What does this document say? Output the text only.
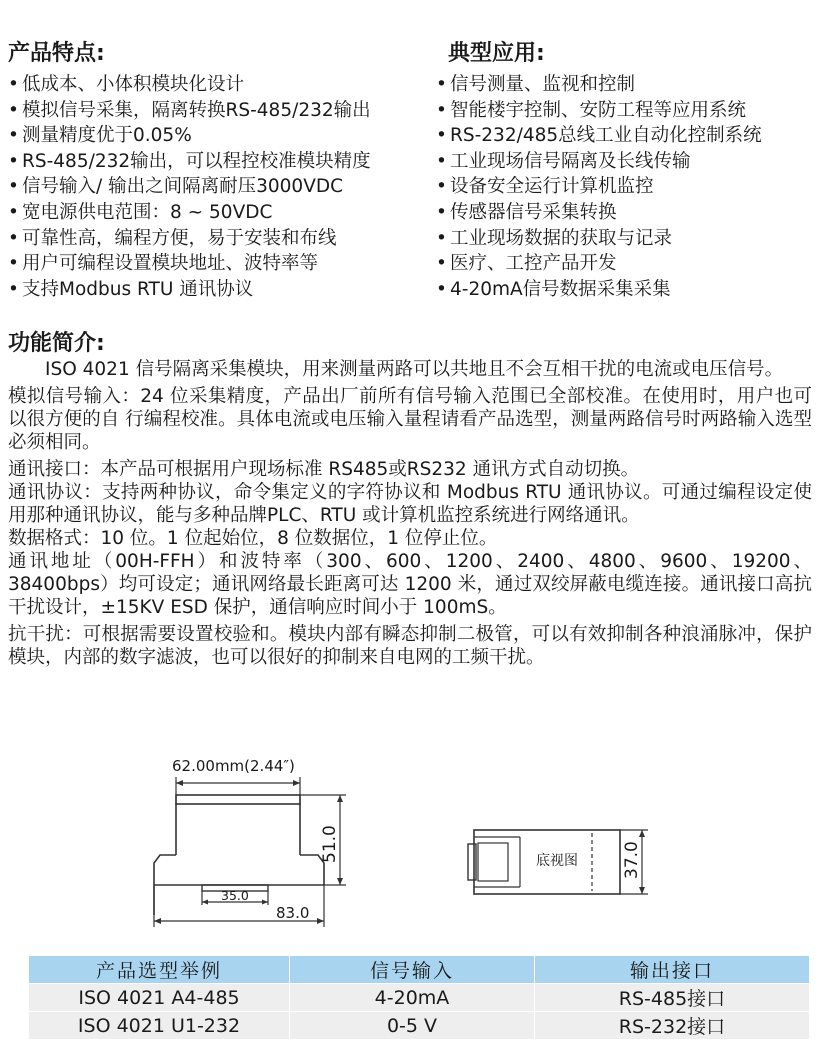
产品特点:
• 低成本、小体积模块化设计
• 模拟信号采集，隔离转换RS-485/232输出
• 测量精度优于0.05%
• RS-485/232输出，可以程控校准模块精度
• 信号输入/ 输出之间隔离耐压3000VDC
• 宽电源供电范围：8 ~ 50VDC
• 可靠性高，编程方便，易于安装和布线
• 用户可编程设置模块地址、波特率等
• 支持Modbus RTU 通讯协议
典型应用:
• 信号测量、监视和控制
• 智能楼宇控制、安防工程等应用系统
• RS-232/485总线工业自动化控制系统
• 工业现场信号隔离及长线传输
• 设备安全运行计算机监控
• 传感器信号采集转换
• 工业现场数据的获取与记录
• 医疗、工控产品开发
• 4-20mA信号数据采集采集
功能简介:

ISO 4021 信号隔离采集模块，用来测量两路可以共地且不会互相干扰的电流或电压信号。

模拟信号输入：24 位采集精度，产品出厂前所有信号输入范围已全部校准。在使用时，用户也可以很方便的自 行编程校准。具体电流或电压输入量程请看产品选型，测量两路信号时两路输入选型必须相同。

通讯接口：本产品可根据用户现场标准 RS485或RS232 通讯方式自动切换。

通讯协议：支持两种协议，命令集定义的字符协议和 Modbus RTU 通讯协议。可通过编程设定使用那种通讯协议，能与多种品牌PLC、RTU 或计算机监控系统进行网络通讯。

数据格式：10 位。1 位起始位，8 位数据位，1 位停止位。

通讯地址（00H-FFH）和波特率（300、600、1200、2400、4800、9600、19200、38400bps）均可设定；通讯网络最长距离可达 1200 米，通过双绞屏蔽电缆连接。通讯接口高抗干扰设计，±15KV ESD 保护，通信响应时间小于 100mS。

抗干扰：可根据需要设置校验和。模块内部有瞬态抑制二极管，可以有效抑制各种浪涌脉冲，保护模块，内部的数字滤波，也可以很好的抑制来自电网的工频干扰。

62.00mm(2.44″)
35.0
83.0
51.0	底视图	37.0
产品选型举例	信号输入	输出接口
ISO 4021 A4-485	4-20mA	RS-485接口
ISO 4021 U1-232	0-5 V	RS-232接口
